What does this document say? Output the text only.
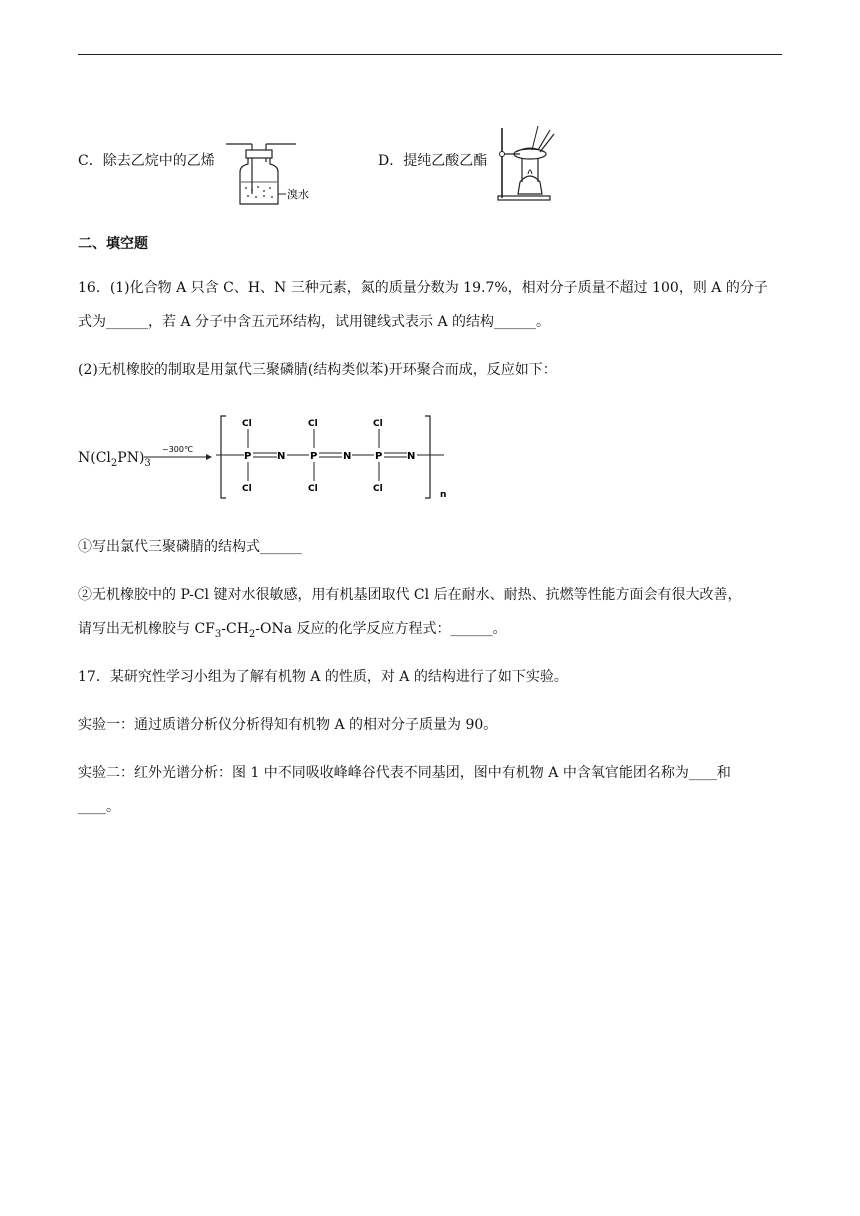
C．除去乙烷中的乙烯
溴水
D．提纯乙酸乙酯
二、填空题
16．(1)化合物 A 只含 C、H、N 三种元素，氮的质量分数为 19.7%，相对分子质量不超过 100，则 A 的分子
式为______，若 A 分子中含五元环结构，试用键线式表示 A 的结构______。
(2)无机橡胶的制取是用氯代三聚磷腈(结构类似苯)开环聚合而成，反应如下：
$N(Cl_2PN)_3$
~300℃
n
P	N P	N P N
Cl
Cl
Cl
Cl
Cl
Cl
①写出氯代三聚磷腈的结构式______
②无机橡胶中的 P-Cl 键对水很敏感，用有机基团取代 Cl 后在耐水、耐热、抗燃等性能方面会有很大改善，
请写出无机橡胶与 $CF_3-CH_2$-ONa 反应的化学反应方程式：______。
17．某研究性学习小组为了解有机物 A 的性质，对 A 的结构进行了如下实验。
实验一：通过质谱分析仪分析得知有机物 A 的相对分子质量为 90。
实验二：红外光谱分析：图 1 中不同吸收峰峰谷代表不同基团，图中有机物 A 中含氧官能团名称为____和
____。
